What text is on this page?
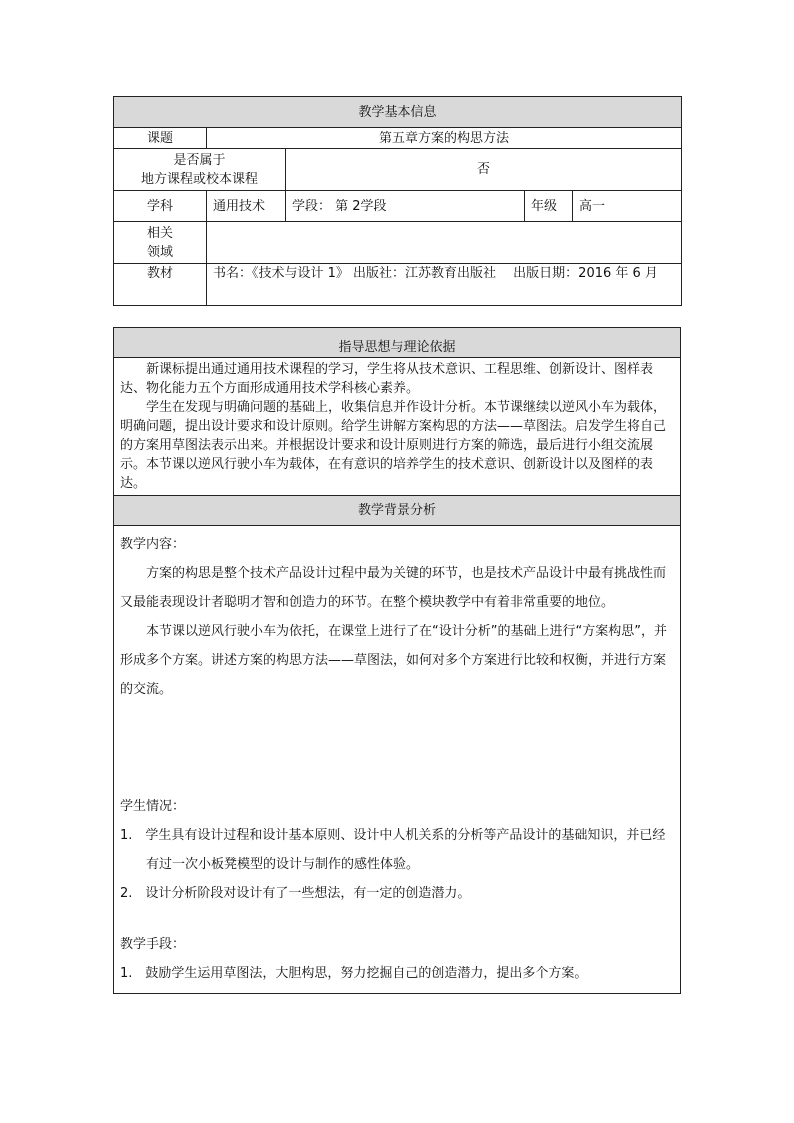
教学基本信息				
课题	第五章方案的构思方法			

是否属于
地方课程或校本课程		否		
学科	通用技术	学段： 第 2学段	年级	高一

相关
领域				

教材	书名：《技术与设计 1》 出版社：江苏教育出版社　 出版日期：2016 年 6 月			
指导思想与理论依据

新课标提出通过通用技术课程的学习，学生将从技术意识、工程思维、创新设计、图样表达、物化能力五个方面形成通用技术学科核心素养。

学生在发现与明确问题的基础上，收集信息并作设计分析。本节课继续以逆风小车为载体，明确问题，提出设计要求和设计原则。给学生讲解方案构思的方法——草图法。启发学生将自己的方案用草图法表示出来。并根据设计要求和设计原则进行方案的筛选，最后进行小组交流展示。本节课以逆风行驶小车为载体，在有意识的培养学生的技术意识、创新设计以及图样的表达。

教学背景分析

教学内容：

方案的构思是整个技术产品设计过程中最为关键的环节，也是技术产品设计中最有挑战性而又最能表现设计者聪明才智和创造力的环节。在整个模块教学中有着非常重要的地位。

本节课以逆风行驶小车为依托，在课堂上进行了在“设计分析”的基础上进行“方案构思”，并形成多个方案。讲述方案的构思方法——草图法，如何对多个方案进行比较和权衡，并进行方案的交流。

学生情况：

1.　学生具有设计过程和设计基本原则、设计中人机关系的分析等产品设计的基础知识，并已经有过一次小板凳模型的设计与制作的感性体验。

2.　设计分析阶段对设计有了一些想法，有一定的创造潜力。

教学手段：

1.　鼓励学生运用草图法，大胆构思，努力挖掘自己的创造潜力，提出多个方案。
